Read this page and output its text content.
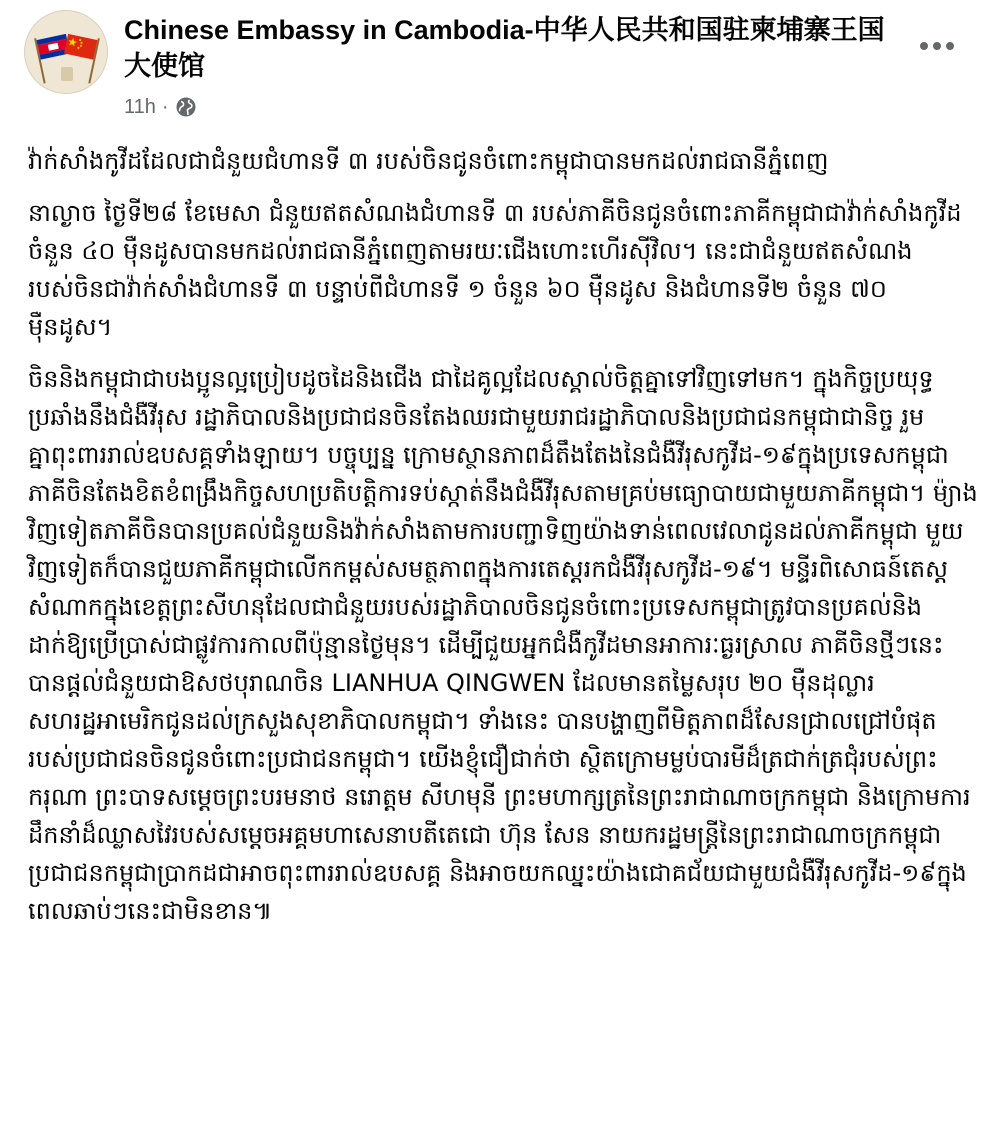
Chinese Embassy in Cambodia-中华人民共和国驻柬埔寨王国大使馆
11h ·

វ៉ាក់សាំងកូវីដដែលជាជំនួយជំហានទី ៣ របស់ចិនជូនចំពោះកម្ពុជាបានមកដល់រាជធានីភ្នំពេញ

នាល្ងាច ថ្ងៃទី២៨ ខែមេសា ជំនួយឥតសំណងជំហានទី ៣ របស់ភាគីចិនជូនចំពោះភាគីកម្ពុជាជាវ៉ាក់សាំងកូវីដចំនួន ៤០ ម៉ឺនដូសបានមកដល់រាជធានីភ្នំពេញតាមរយៈជើងហោះហើរស៊ីវិល។ នេះជាជំនួយឥតសំណងរបស់ចិនជាវ៉ាក់សាំងជំហានទី ៣ បន្ទាប់ពីជំហានទី ១ ចំនួន ៦០ ម៉ឺនដូស និងជំហានទី២ ចំនួន ៧០ ម៉ឺនដូស។

ចិននិងកម្ពុជាជាបងប្អូនល្អប្រៀបដូចដៃនិងជើង ជាដៃគូល្អដែលស្គាល់ចិត្តគ្នាទៅវិញទៅមក។ ក្នុងកិច្ចប្រយុទ្ធប្រឆាំងនឹងជំងឺវីរុស រដ្ឋាភិបាលនិងប្រជាជនចិនតែងឈរជាមួយរាជរដ្ឋាភិបាលនិងប្រជាជនកម្ពុជាជានិច្ច រួមគ្នាពុះពាររាល់ឧបសគ្គទាំងឡាយ។ បច្ចុប្បន្ន ក្រោមស្ថានភាពដ៏តឹងតែងនៃជំងឺវីរុសកូវីដ-១៩ក្នុងប្រទេសកម្ពុជា ភាគីចិនតែងខិតខំពង្រឹងកិច្ចសហប្រតិបត្តិការទប់ស្កាត់នឹងជំងឺវីរុសតាមគ្រប់មធ្យោបាយជាមួយភាគីកម្ពុជា។ ម៉្យាងវិញទៀតភាគីចិនបានប្រគល់ជំនួយនិងវ៉ាក់សាំងតាមការបញ្ជាទិញយ៉ាងទាន់ពេលវេលាជូនដល់ភាគីកម្ពុជា មួយវិញទៀតក៏បានជួយភាគីកម្ពុជាលើកកម្ពស់សមត្ថភាពក្នុងការតេស្តរកជំងឺវីរុសកូវីដ-១៩។ មន្ទីរពិសោធន៍តេស្តសំណាកក្នុងខេត្តព្រះសីហនុដែលជាជំនួយរបស់រដ្ឋាភិបាលចិនជូនចំពោះប្រទេសកម្ពុជាត្រូវបានប្រគល់និងដាក់ឱ្យប្រើប្រាស់ជាផ្លូវការកាលពីប៉ុន្មានថ្ងៃមុន។ ដើម្បីជួយអ្នកជំងឺកូវីដមានអាការៈធ្ងរស្រាល ភាគីចិនថ្មីៗនេះបានផ្តល់ជំនួយជាឱសថបុរាណចិន LIANHUA QINGWEN ដែលមានតម្លៃសរុប ២០ ម៉ឺនដុល្លារសហរដ្ឋអាមេរិកជូនដល់ក្រសួងសុខាភិបាលកម្ពុជា។ ទាំងនេះ បានបង្ហាញពីមិត្តភាពដ៏សែនជ្រាលជ្រៅបំផុតរបស់ប្រជាជនចិនជូនចំពោះប្រជាជនកម្ពុជា។ យើងខ្ញុំជឿជាក់ថា ស្ថិតក្រោមម្លប់បារមីដ៏ត្រជាក់ត្រជុំរបស់ព្រះករុណា ព្រះបាទសម្តេចព្រះបរមនាថ នរោត្តម សីហមុនី ព្រះមហាក្សត្រនៃព្រះរាជាណាចក្រកម្ពុជា និងក្រោមការដឹកនាំដ៏ឈ្លាសវៃរបស់សម្តេចអគ្គមហាសេនាបតីតេជោ ហ៊ុន សែន នាយករដ្ឋមន្ត្រីនៃព្រះរាជាណាចក្រកម្ពុជា ប្រជាជនកម្ពុជាប្រាកដជាអាចពុះពាររាល់ឧបសគ្គ និងអាចយកឈ្នះយ៉ាងជោគជ័យជាមួយជំងឺវីរុសកូវីដ-១៩ក្នុងពេលឆាប់ៗនេះជាមិនខាន៕
